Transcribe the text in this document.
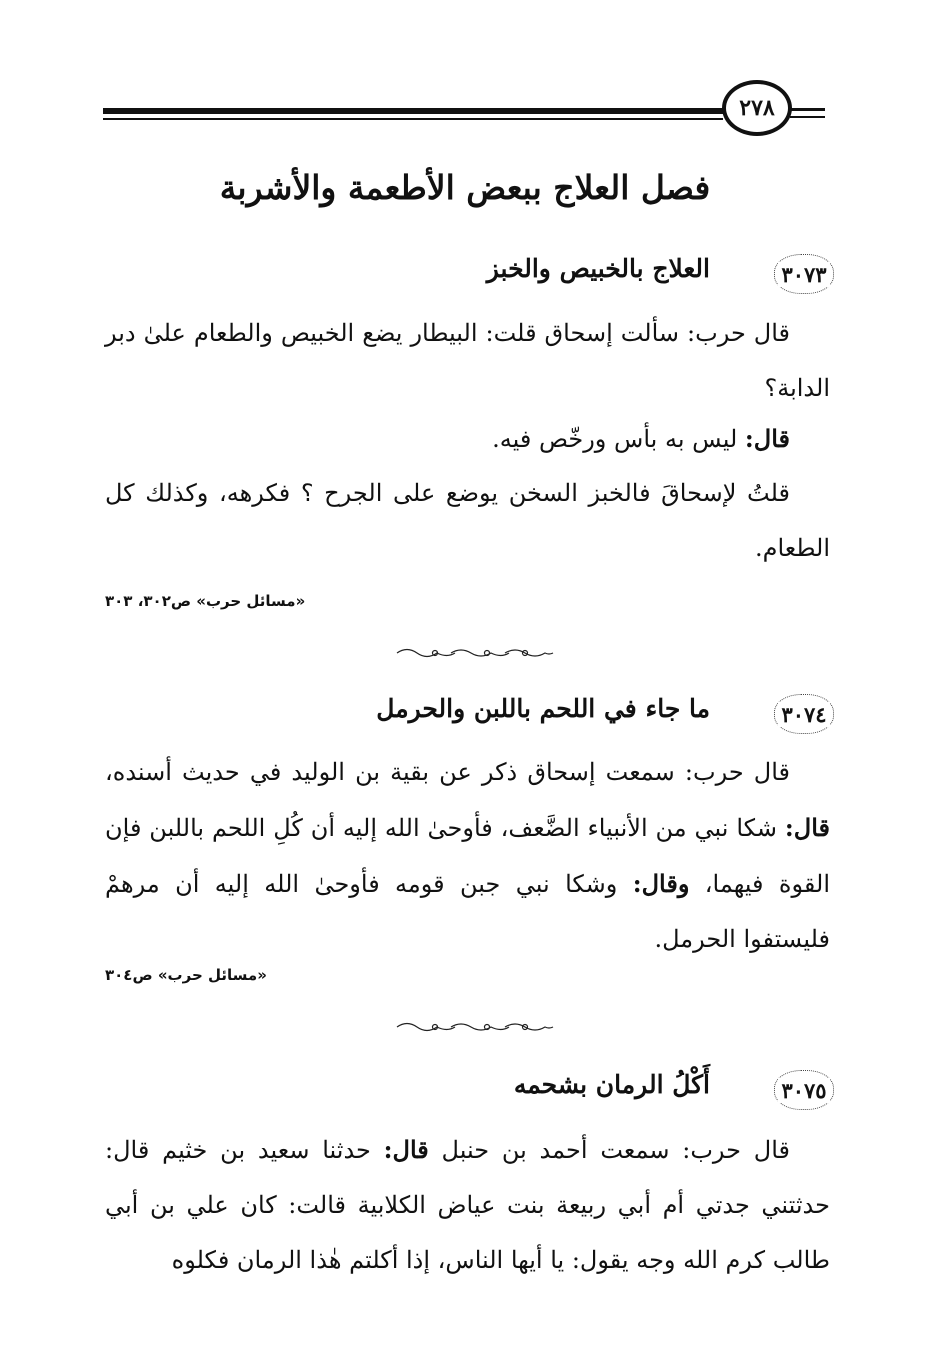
٢٧٨
فصل العلاج ببعض الأطعمة والأشربة
٣٠٧٣
العلاج بالخبيص والخبز
قال حرب: سألت إسحاق قلت: البيطار يضع الخبيص والطعام علىٰ دبر الدابة؟
قال: ليس به بأس ورخّص فيه.
قلتُ لإسحاقَ فالخبز السخن يوضع على الجرح ؟ فكرهه، وكذلك كل الطعام.
«مسائل حرب» ص٣٠٢، ٣٠٣
٣٠٧٤
ما جاء في اللحم باللبن والحرمل
قال حرب: سمعت إسحاق ذكر عن بقية بن الوليد في حديث أسنده، قال: شكا نبي من الأنبياء الضَّعف، فأوحىٰ الله إليه أن كُلِ اللحم باللبن فإن القوة فيهما، وقال: وشكا نبي جبن قومه فأوحىٰ الله إليه أن مرهمْ فليستفوا الحرمل.
«مسائل حرب» ص٣٠٤
٣٠٧٥
أَكْلُ الرمان بشحمه
قال حرب: سمعت أحمد بن حنبل قال: حدثنا سعيد بن خثيم قال: حدثتني جدتي أم أبي ربيعة بنت عياض الكلابية قالت: كان علي بن أبي طالب كرم الله وجه يقول: يا أيها الناس، إذا أكلتم هٰذا الرمان فكلوه
